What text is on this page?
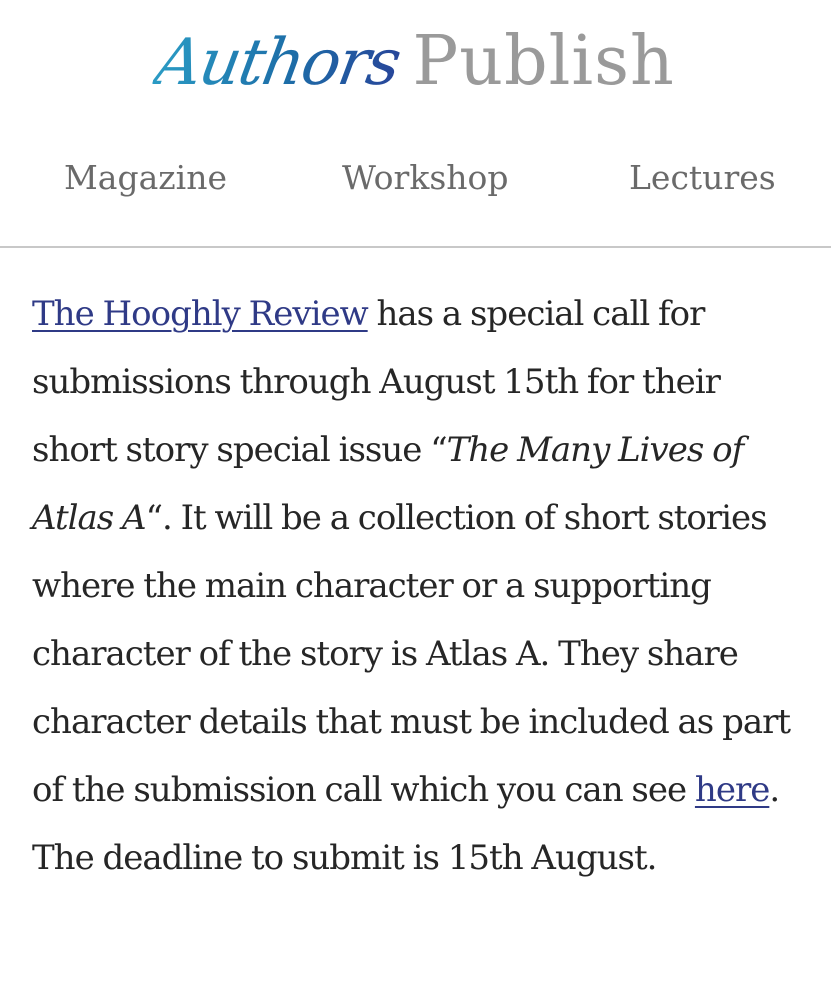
Authors Publish
Magazine	Workshop	Lectures

The Hooghly Review has a special call for submissions through August 15th for their short story special issue “The Many Lives of Atlas A“. It will be a collection of short stories where the main character or a supporting character of the story is Atlas A. They share character details that must be included as part of the submission call which you can see here. The deadline to submit is 15th August.
